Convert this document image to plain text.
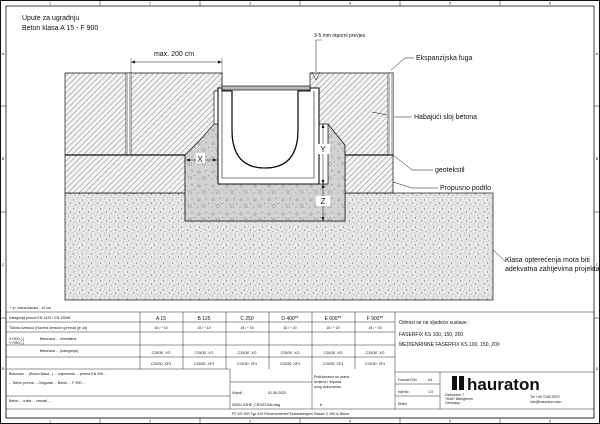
1	2	3	4	5	6
1	2	3	4	5	6
A
B
C
D
A
B
C
D
Upute za ugradnju
Beton klasa A 15 - F 900
max. 200 cm
3-5 mm otporni prevjes
Ekspanzijska fuga
Habajući sloj betona
geotekstil
Propusno podtlo
Klasa opterećenja mora biti
adekvatna zahtjevima projekta
X
Y
Z
* y= visina kanala - 14 cm
Kategorija prema EN 1433 / EN 13598
Tlačna čvrstoća (Razred čvrstoće (prema) (je od)
X+200 (-)
Y+250 (-)
Betonska ... minimalna
Betonska ... (kategorija)
A 15	B 125	C 250	D 400**	E 600**	F 900**
15 / * 15	15 / * 15	15 / * 15	15 / * 20	15 / * 20	15 / * 20
C25/30 .XO	C25/30 .XO	C25/30 .XO	C25/30 .XO	C25/30 .XO	C25/30 .XO
C25/30 .XF3	C25/30 .XF3	C25/30 .XF3	C25/30 .XF3	C25/30 .XF3	C25/30 .XF3
Betonske ... (Beton klasa...) ... napomene ... prema EN 206 ...
... Beton prema ... Osigurati ... Beton ... F 900 ...
Beton ... trake ... ravnati ...
Odnosi se na sljedeće sustave :
FASERFIX KS 100, 150, 200
MEDIENRINNE FASERFIX KS 100, 150, 200
Vrijedi :	01.09.2020
Pridržavamo se prava
izmjena i dopuna
ovog dokumenta
00001-93HE_CROATIAN.dwg	6
Format DIN	A4
mjerilo	1:5
Eb8w
hauraton
Zweckzier 7
76467 Bietigheim
Germany
Tel +49 7245 9370
info@hauraton.com
FF-KS-200 Typ 010 Rinnenunterteil Einbaubeispiel Klasse C 250 in Beton
